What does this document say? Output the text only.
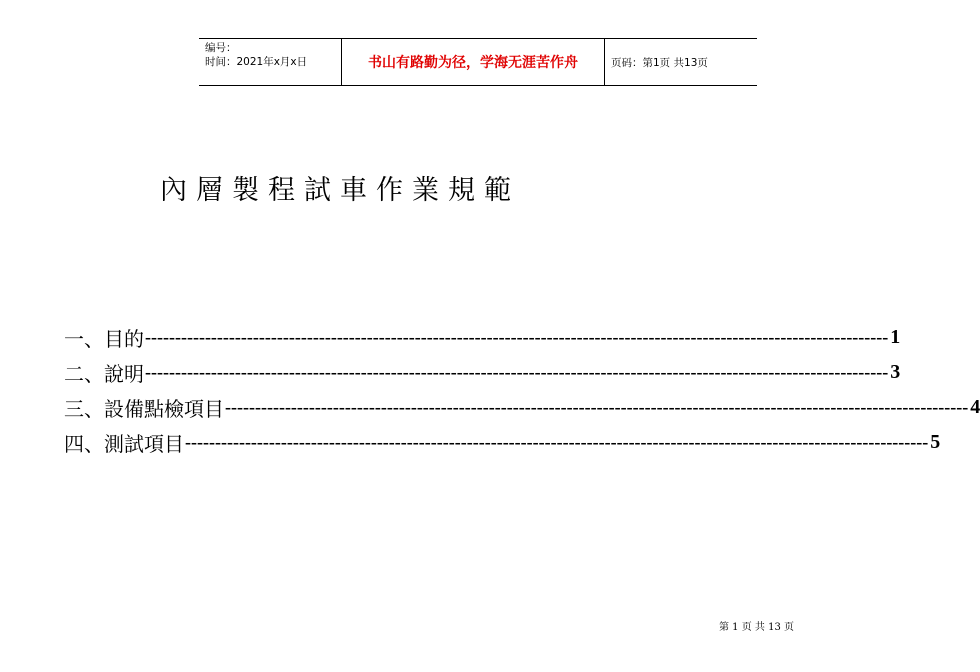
编号：
时间：2021年x月x日	书山有路勤为径，学海无涯苦作舟	页码：第1页 共13页
內層製程試車作業規範
一、目的 ---------------------------------------------------------------------------------------------------------------------------- 1
二、說明 ---------------------------------------------------------------------------------------------------------------------------- 3
三、設備點檢項目 ---------------------------------------------------------------------------------------------------------------------------- 4
四、測試項目 ---------------------------------------------------------------------------------------------------------------------------- 5
第 1 页 共 13 页
